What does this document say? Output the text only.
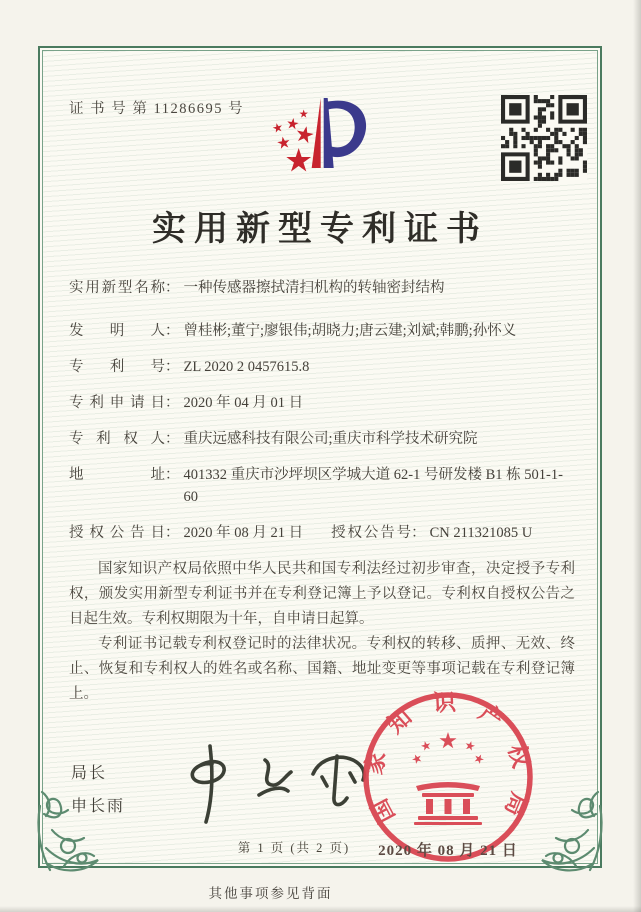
证 书 号 第 11286695 号
实用新型专利证书
实用新型名称 ： 一种传感器擦拭清扫机构的转轴密封结构
发明人 ： 曾桂彬;董宁;廖银伟;胡晓力;唐云建;刘斌;韩鹏;孙怀义
专利号 ： ZL 2020 2 0457615.8
专利申请日 ： 2020 年 04 月 01 日
专利权人 ： 重庆远感科技有限公司;重庆市科学技术研究院
地址 ： 401332 重庆市沙坪坝区学城大道 62-1 号研发楼 B1 栋 501-1-60
授权公告日 ： 2020 年 08 月 21 日 授权公告号 ： CN 211321085 U

国家知识产权局依照中华人民共和国专利法经过初步审查，决定授予专利权，颁发实用新型专利证书并在专利登记簿上予以登记。专利权自授权公告之日起生效。专利权期限为十年，自申请日起算。

专利证书记载专利权登记时的法律状况。专利权的转移、质押、无效、终止、恢复和专利权人的姓名或名称、国籍、地址变更等事项记载在专利登记簿上。

局长
申长雨	国家知识产权局
2020 年 08 月 21 日
第 1 页 (共 2 页)
其他事项参见背面
